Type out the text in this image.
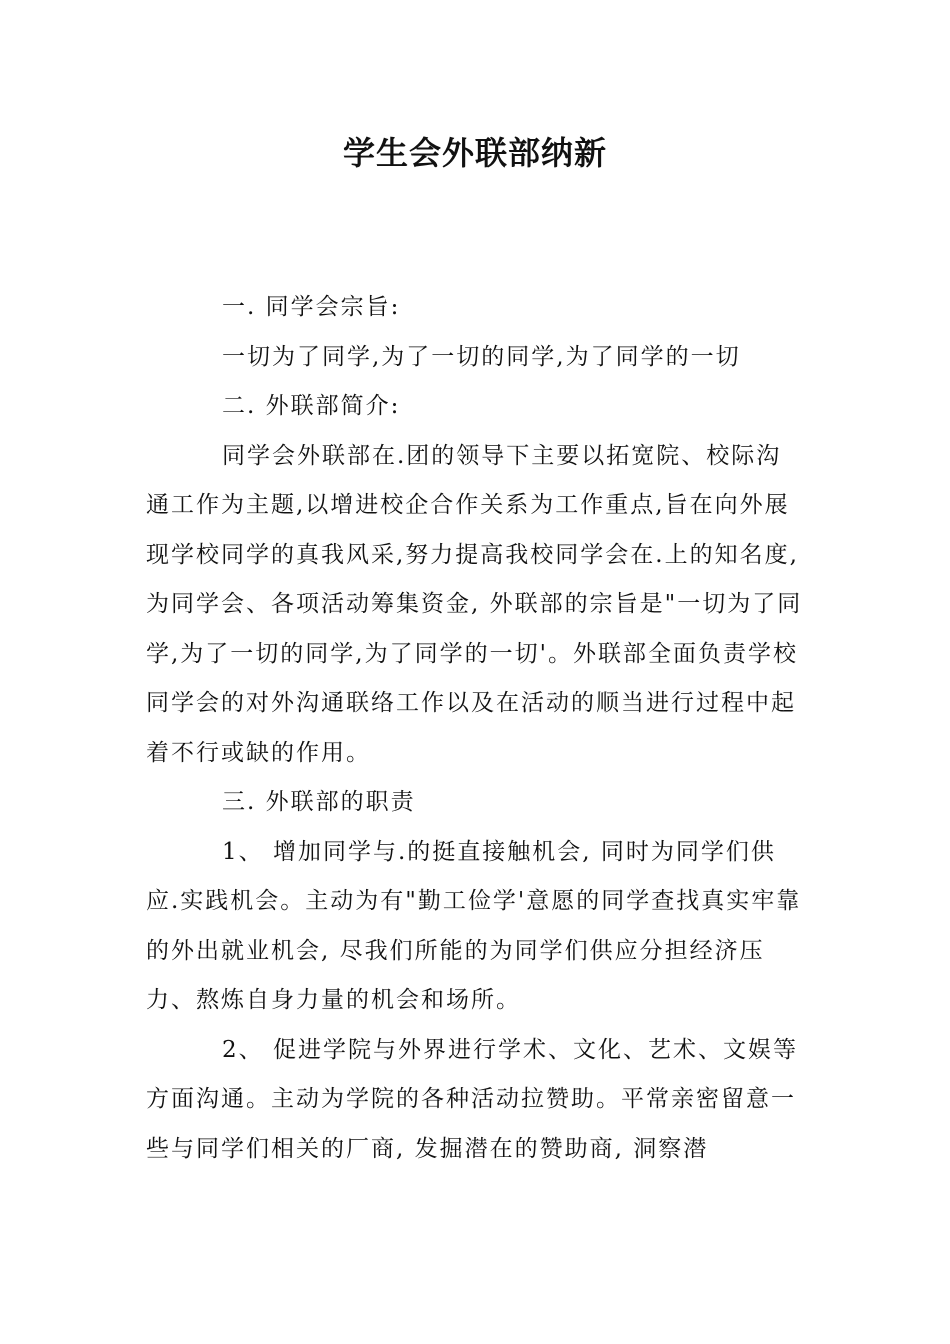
学生会外联部纳新

一. 同学会宗旨:

一切为了同学,为了一切的同学,为了同学的一切

二. 外联部简介:

同学会外联部在.团的领导下主要以拓宽院、校际沟通工作为主题,以增进校企合作关系为工作重点,旨在向外展现学校同学的真我风采,努力提高我校同学会在.上的知名度,为同学会、各项活动筹集资金, 外联部的宗旨是"一切为了同学,为了一切的同学,为了同学的一切'。外联部全面负责学校同学会的对外沟通联络工作以及在活动的顺当进行过程中起着不行或缺的作用。

三. 外联部的职责

1、 增加同学与.的挺直接触机会, 同时为同学们供应.实践机会。主动为有"勤工俭学'意愿的同学查找真实牢靠的外出就业机会, 尽我们所能的为同学们供应分担经济压力、熬炼自身力量的机会和场所。

2、 促进学院与外界进行学术、文化、艺术、文娱等方面沟通。主动为学院的各种活动拉赞助。平常亲密留意一些与同学们相关的厂商, 发掘潜在的赞助商, 洞察潜
